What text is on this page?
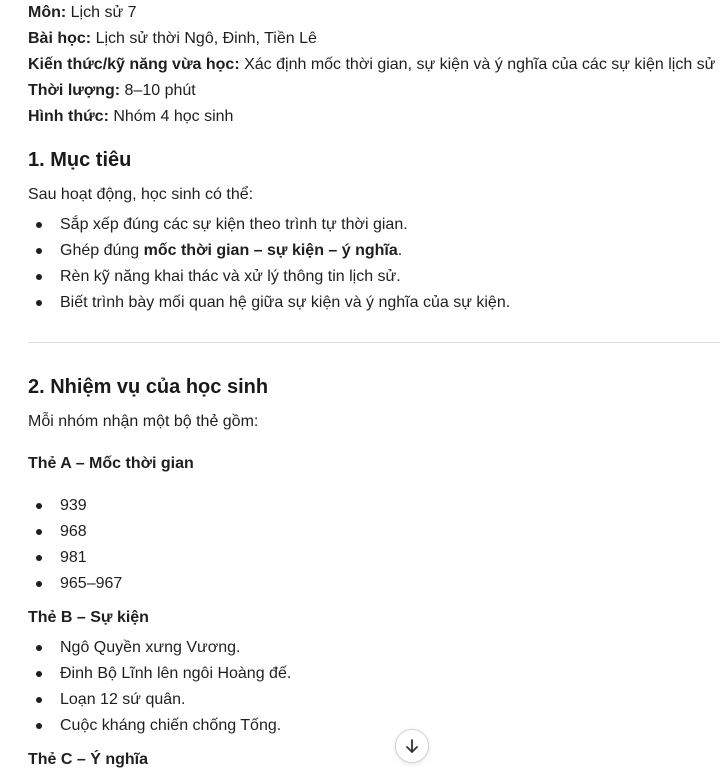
Môn: Lịch sử 7
Bài học: Lịch sử thời Ngô, Đinh, Tiền Lê
Kiến thức/kỹ năng vừa học: Xác định mốc thời gian, sự kiện và ý nghĩa của các sự kiện lịch sử
Thời lượng: 8–10 phút
Hình thức: Nhóm 4 học sinh
1. Mục tiêu

Sau hoạt động, học sinh có thể:

Sắp xếp đúng các sự kiện theo trình tự thời gian.
Ghép đúng mốc thời gian – sự kiện – ý nghĩa.
Rèn kỹ năng khai thác và xử lý thông tin lịch sử.
Biết trình bày mối quan hệ giữa sự kiện và ý nghĩa của sự kiện.
2. Nhiệm vụ của học sinh

Mỗi nhóm nhận một bộ thẻ gồm:

Thẻ A – Mốc thời gian

939
968
981
965–967

Thẻ B – Sự kiện

Ngô Quyền xưng Vương.
Đinh Bộ Lĩnh lên ngôi Hoàng đế.
Loạn 12 sứ quân.
Cuộc kháng chiến chống Tống.

Thẻ C – Ý nghĩa
